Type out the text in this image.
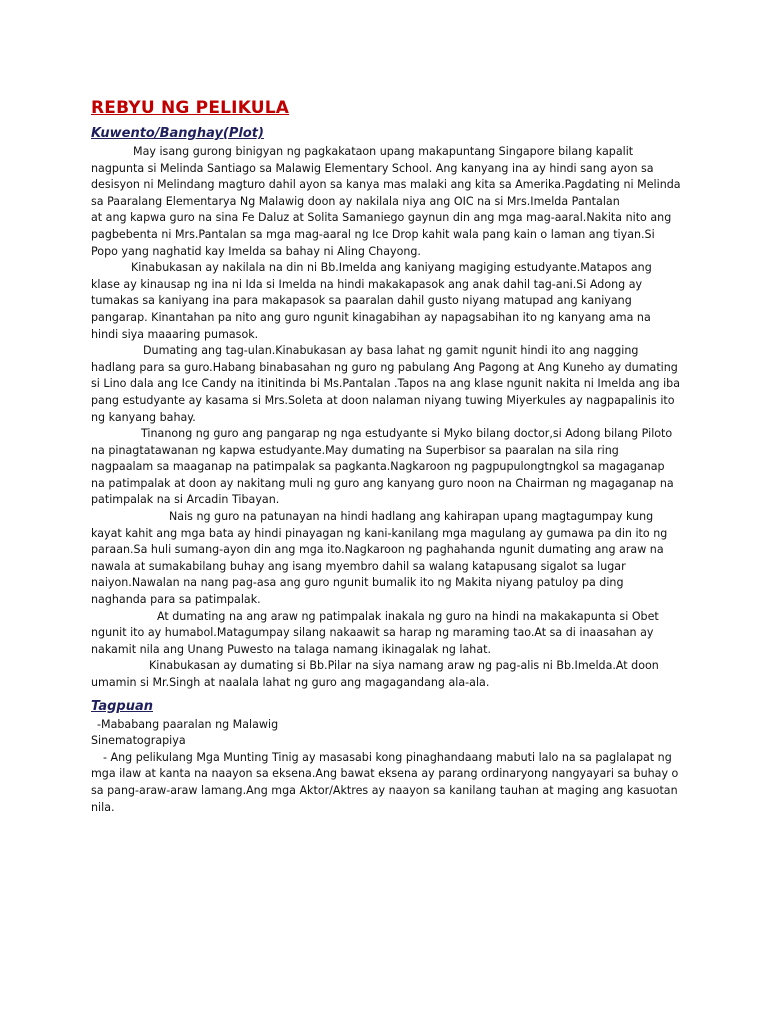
REBYU NG PELIKULA
Kuwento/Banghay(Plot)

May isang gurong binigyan ng pagkakataon upang makapuntang Singapore bilang kapalit nagpunta si Melinda Santiago sa Malawig Elementary School. Ang kanyang ina ay hindi sang ayon sa desisyon ni Melindang magturo dahil ayon sa kanya mas malaki ang kita sa Amerika.Pagdating ni Melinda sa Paaralang Elementarya Ng Malawig doon ay nakilala niya ang OIC na si Mrs.Imelda Pantalan

at ang kapwa guro na sina Fe Daluz at Solita Samaniego gaynun din ang mga mag-aaral.Nakita nito ang pagbebenta ni Mrs.Pantalan sa mga mag-aaral ng Ice Drop kahit wala pang kain o laman ang tiyan.Si Popo yang naghatid kay Imelda sa bahay ni Aling Chayong.

Kinabukasan ay nakilala na din ni Bb.Imelda ang kaniyang magiging estudyante.Matapos ang klase ay kinausap ng ina ni Ida si Imelda na hindi makakapasok ang anak dahil tag-ani.Si Adong ay tumakas sa kaniyang ina para makapasok sa paaralan dahil gusto niyang matupad ang kaniyang pangarap. Kinantahan pa nito ang guro ngunit kinagabihan ay napagsabihan ito ng kanyang ama na hindi siya maaaring pumasok.

Dumating ang tag-ulan.Kinabukasan ay basa lahat ng gamit ngunit hindi ito ang nagging hadlang para sa guro.Habang binabasahan ng guro ng pabulang Ang Pagong at Ang Kuneho ay dumating si Lino dala ang Ice Candy na itinitinda bi Ms.Pantalan .Tapos na ang klase ngunit nakita ni Imelda ang iba pang estudyante ay kasama si Mrs.Soleta at doon nalaman niyang tuwing Miyerkules ay nagpapalinis ito ng kanyang bahay.

Tinanong ng guro ang pangarap ng nga estudyante si Myko bilang doctor,si Adong bilang Piloto na pinagtatawanan ng kapwa estudyante.May dumating na Superbisor sa paaralan na sila ring nagpaalam sa maaganap na patimpalak sa pagkanta.Nagkaroon ng pagpupulongtngkol sa magaganap na patimpalak at doon ay nakitang muli ng guro ang kanyang guro noon na Chairman ng magaganap na patimpalak na si Arcadin Tibayan.

Nais ng guro na patunayan na hindi hadlang ang kahirapan upang magtagumpay kung kayat kahit ang mga bata ay hindi pinayagan ng kani-kanilang mga magulang ay gumawa pa din ito ng paraan.Sa huli sumang-ayon din ang mga ito.Nagkaroon ng paghahanda ngunit dumating ang araw na nawala at sumakabilang buhay ang isang myembro dahil sa walang katapusang sigalot sa lugar naiyon.Nawalan na nang pag-asa ang guro ngunit bumalik ito ng Makita niyang patuloy pa ding naghanda para sa patimpalak.

At dumating na ang araw ng patimpalak inakala ng guro na hindi na makakapunta si Obet ngunit ito ay humabol.Matagumpay silang nakaawit sa harap ng maraming tao.At sa di inaasahan ay nakamit nila ang Unang Puwesto na talaga namang ikinagalak ng lahat.

Kinabukasan ay dumating si Bb.Pilar na siya namang araw ng pag-alis ni Bb.Imelda.At doon umamin si Mr.Singh at naalala lahat ng guro ang magagandang ala-ala.

Tagpuan

-Mababang paaralan ng Malawig

Sinematograpiya

- Ang pelikulang Mga Munting Tinig ay masasabi kong pinaghandaang mabuti lalo na sa paglalapat ng mga ilaw at kanta na naayon sa eksena.Ang bawat eksena ay parang ordinaryong nangyayari sa buhay o sa pang-araw-araw lamang.Ang mga Aktor/Aktres ay naayon sa kanilang tauhan at maging ang kasuotan nila.
